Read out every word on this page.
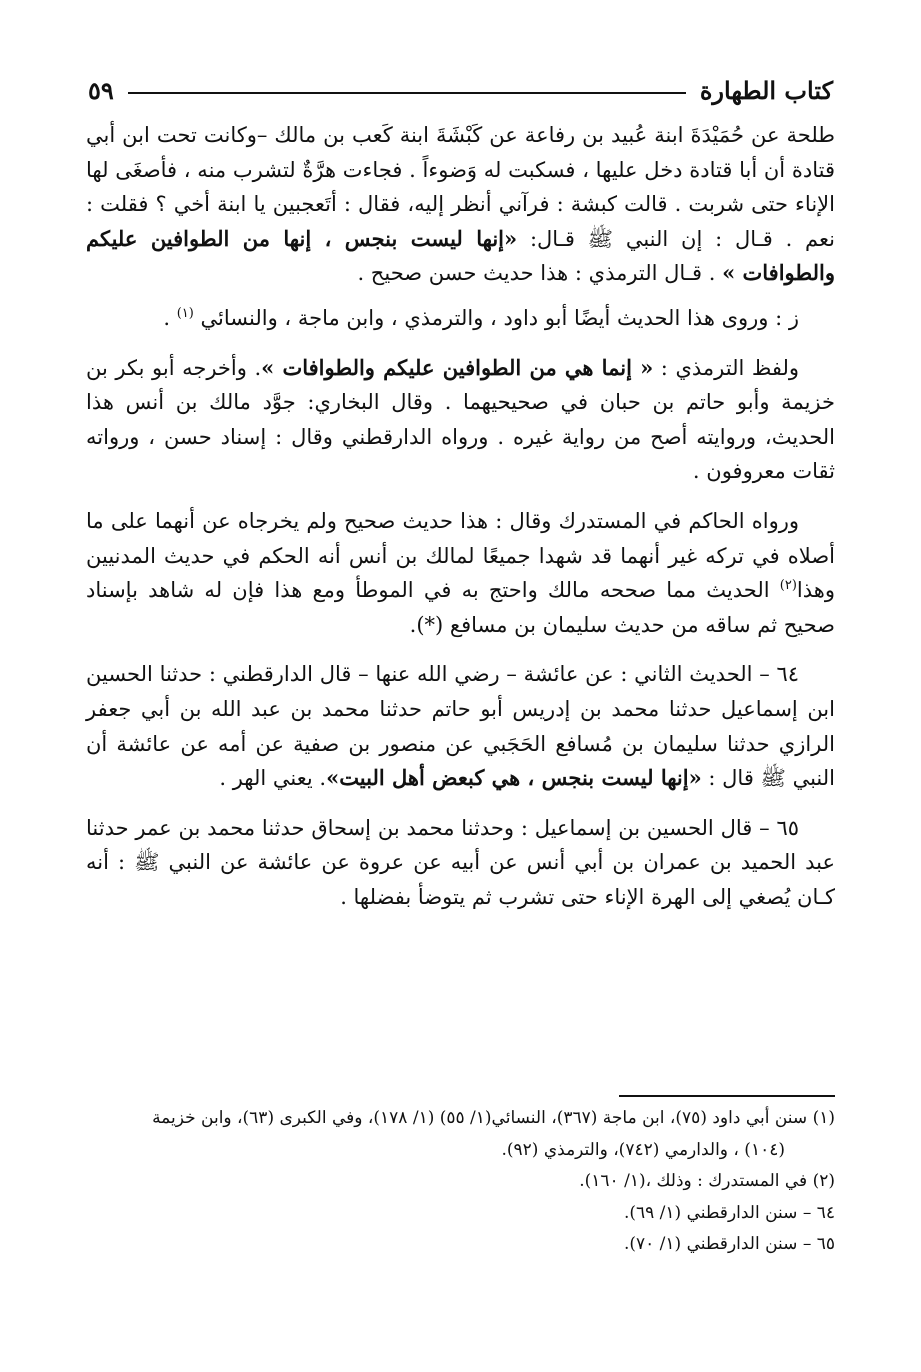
كتاب الطهارة
٥٩

طلحة عن حُمَيْدَةَ ابنة عُبيد بن رفاعة عن كَبْشَةَ ابنة كَعب بن مالك –وكانت تحت ابن أبي قتادة أن أبا قتادة دخل عليها ، فسكبت له وَضوءاً . فجاءت هرَّةٌ لتشرب منه ، فأصغَى لها الإناء حتى شربت . قالت كبشة : فرآني أنظر إليه، فقال : أتَعجبين يا ابنة أخي ؟ فقلت : نعم . قـال : إن النبي ﷺ قـال: «إنها ليست بنجس ، إنها من الطوافين عليكم والطوافات » . قـال الترمذي : هذا حديث حسن صحيح .

ز : وروى هذا الحديث أيضًا أبو داود ، والترمذي ، وابن ماجة ، والنسائي $^{(١)}$ .

ولفظ الترمذي : « إنما هي من الطوافين عليكم والطوافات ». وأخرجه أبو بكر بن خزيمة وأبو حاتم بن حبان في صحيحيهما . وقال البخاري: جوَّد مالك بن أنس هذا الحديث، وروايته أصح من رواية غيره . ورواه الدارقطني وقال : إسناد حسن ، ورواته ثقات معروفون .

ورواه الحاكم في المستدرك وقال : هذا حديث صحيح ولم يخرجاه عن أنهما على ما أصلاه في تركه غير أنهما قد شهدا جميعًا لمالك بن أنس أنه الحكم في حديث المدنيين وهذا$^{(٢)}$ الحديث مما صححه مالك واحتج به في الموطأ ومع هذا فإن له شاهد بإسناد صحيح ثم ساقه من حديث سليمان بن مسافع (*).

٦٤ – الحديث الثاني : عن عائشة – رضي الله عنها – قال الدارقطني : حدثنا الحسين ابن إسماعيل حدثنا محمد بن إدريس أبو حاتم حدثنا محمد بن عبد الله بن أبي جعفر الرازي حدثنا سليمان بن مُسافع الحَجَبي عن منصور بن صفية عن أمه عن عائشة أن النبي ﷺ قال : «إنها ليست بنجس ، هي كبعض أهل البيت». يعني الهر .

٦٥ – قال الحسين بن إسماعيل : وحدثنا محمد بن إسحاق حدثنا محمد بن عمر حدثنا عبد الحميد بن عمران بن أبي أنس عن أبيه عن عروة عن عائشة عن النبي ﷺ : أنه كـان يُصغي إلى الهرة الإناء حتى تشرب ثم يتوضأ بفضلها .

(١) سنن أبي داود (٧٥)، ابن ماجة (٣٦٧)، النسائي(١/ ٥٥) (١/ ١٧٨)، وفي الكبرى (٦٣)، وابن خزيمة

(١٠٤) ، والدارمي (٧٤٢)، والترمذي (٩٢).

(٢) في المستدرك : وذلك ،(١/ ١٦٠).

٦٤ – سنن الدارقطني (١/ ٦٩).

٦٥ – سنن الدارقطني (١/ ٧٠).
